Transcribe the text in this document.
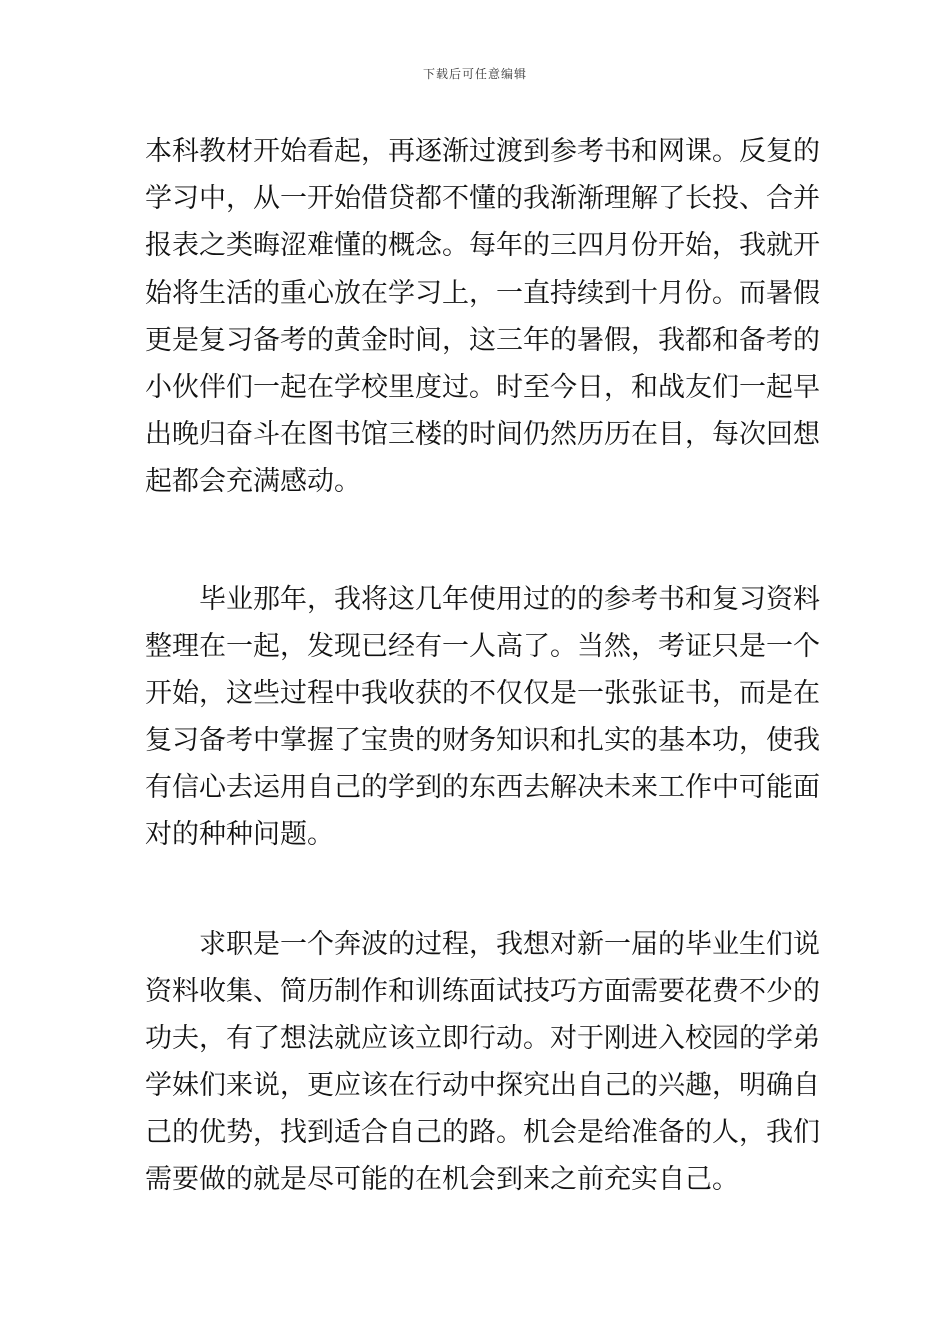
下载后可任意编辑
本科教材开始看起，再逐渐过渡到参考书和网课。反复的
学习中，从一开始借贷都不懂的我渐渐理解了长投、合并
报表之类晦涩难懂的概念。每年的三四月份开始，我就开
始将生活的重心放在学习上，一直持续到十月份。而暑假
更是复习备考的黄金时间，这三年的暑假，我都和备考的
小伙伴们一起在学校里度过。时至今日，和战友们一起早
出晚归奋斗在图书馆三楼的时间仍然历历在目，每次回想
起都会充满感动。
　　毕业那年，我将这几年使用过的的参考书和复习资料
整理在一起，发现已经有一人高了。当然，考证只是一个
开始，这些过程中我收获的不仅仅是一张张证书，而是在
复习备考中掌握了宝贵的财务知识和扎实的基本功，使我
有信心去运用自己的学到的东西去解决未来工作中可能面
对的种种问题。
　　求职是一个奔波的过程，我想对新一届的毕业生们说
资料收集、简历制作和训练面试技巧方面需要花费不少的
功夫，有了想法就应该立即行动。对于刚进入校园的学弟
学妹们来说，更应该在行动中探究出自己的兴趣，明确自
己的优势，找到适合自己的路。机会是给准备的人，我们
需要做的就是尽可能的在机会到来之前充实自己。
